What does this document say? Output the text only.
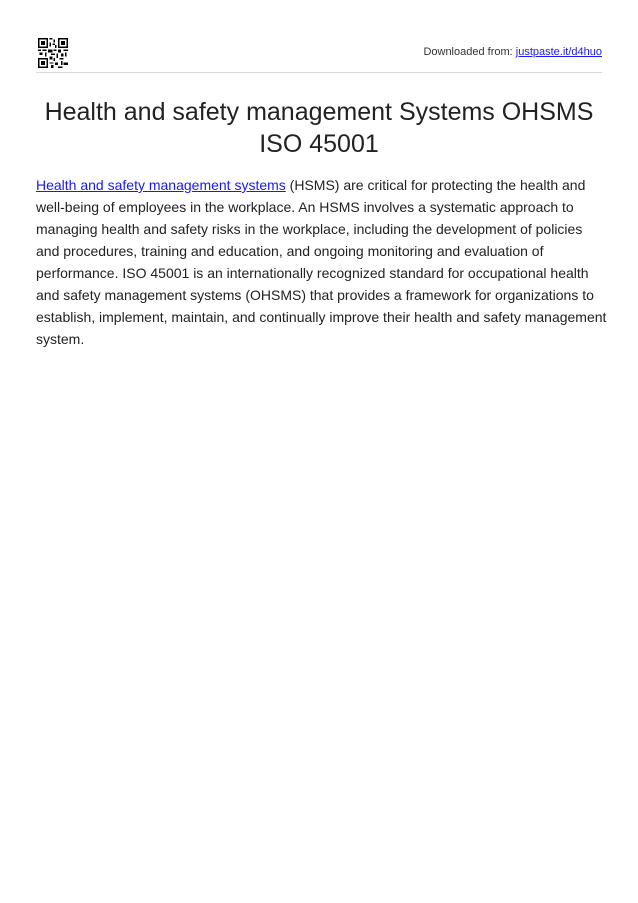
Downloaded from: justpaste.it/d4huo
Health and safety management Systems OHSMS ISO 45001

Health and safety management systems (HSMS) are critical for protecting the health and well-being of employees in the workplace. An HSMS involves a systematic approach to managing health and safety risks in the workplace, including the development of policies and procedures, training and education, and ongoing monitoring and evaluation of performance. ISO 45001 is an internationally recognized standard for occupational health and safety management systems (OHSMS) that provides a framework for organizations to establish, implement, maintain, and continually improve their health and safety management system.
